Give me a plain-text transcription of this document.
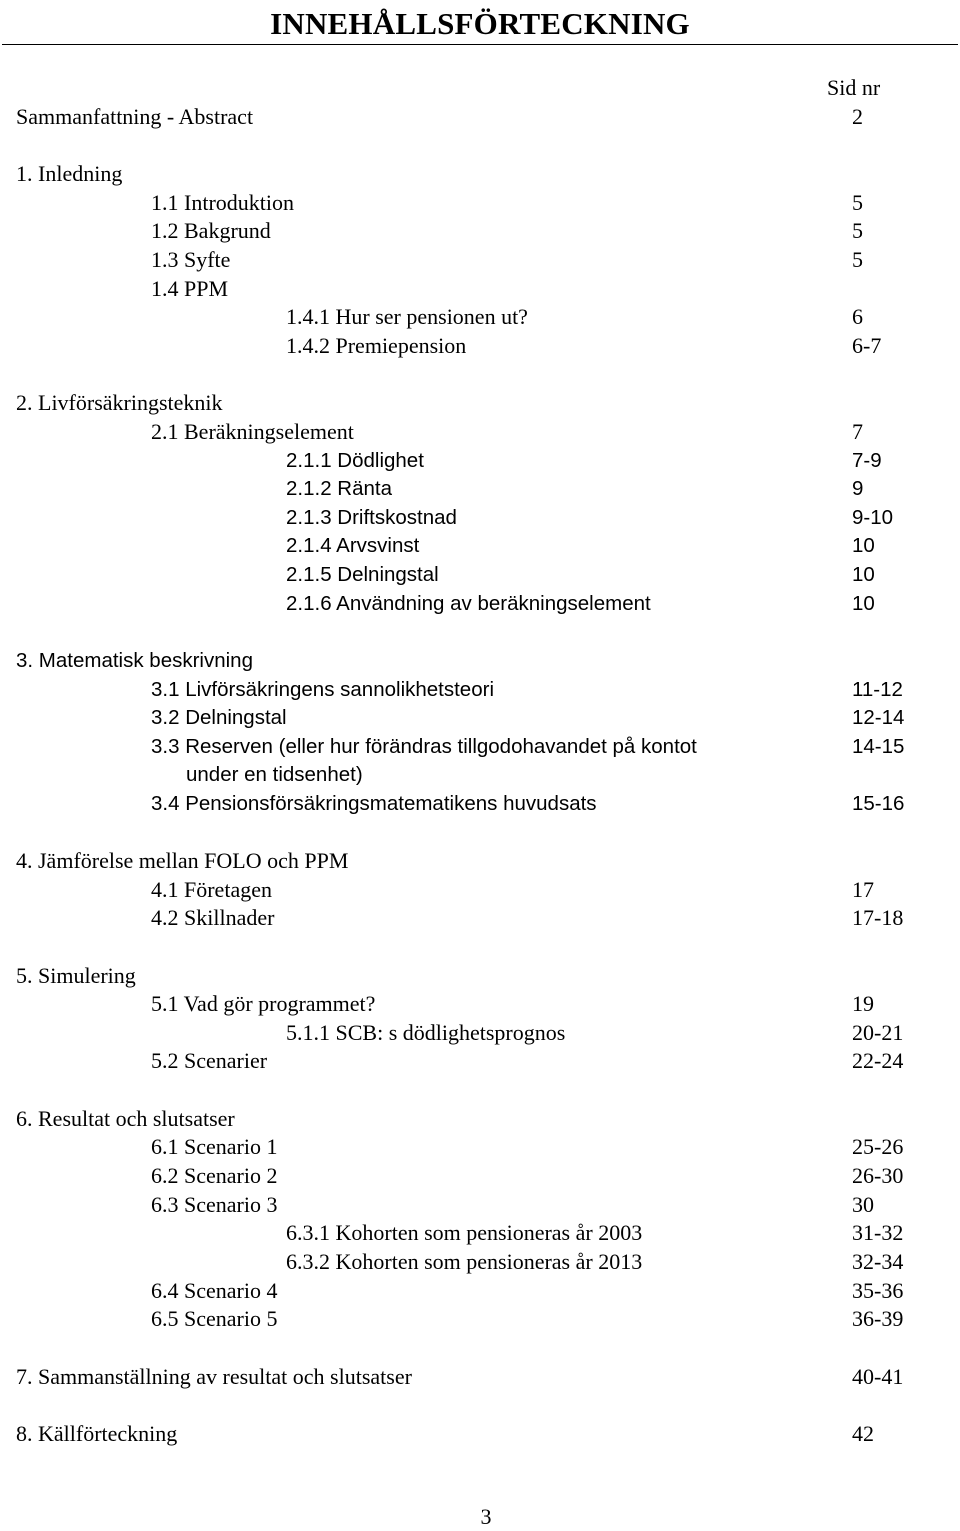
INNEHÅLLSFÖRTECKNING
Sid nr
Sammanfattning - Abstract	2
1. Inledning
1.1 Introduktion	5
1.2 Bakgrund	5
1.3 Syfte	5
1.4 PPM
1.4.1 Hur ser pensionen ut?	6
1.4.2 Premiepension	6-7
2. Livförsäkringsteknik
2.1 Beräkningselement	7
2.1.1 Dödlighet	7-9
2.1.2 Ränta	9
2.1.3 Driftskostnad	9-10
2.1.4 Arvsvinst	10
2.1.5 Delningstal	10
2.1.6 Användning av beräkningselement	10
3. Matematisk beskrivning
3.1 Livförsäkringens sannolikhetsteori	11-12
3.2 Delningstal	12-14
3.3 Reserven (eller hur förändras tillgodohavandet på kontot	14-15
under en tidsenhet)
3.4 Pensionsförsäkringsmatematikens huvudsats	15-16
4. Jämförelse mellan FOLO och PPM
4.1 Företagen	17
4.2 Skillnader	17-18
5. Simulering
5.1 Vad gör programmet?	19
5.1.1 SCB: s dödlighetsprognos	20-21
5.2 Scenarier	22-24
6. Resultat och slutsatser
6.1 Scenario 1	25-26
6.2 Scenario 2	26-30
6.3 Scenario 3	30
6.3.1 Kohorten som pensioneras år 2003	31-32
6.3.2 Kohorten som pensioneras år 2013	32-34
6.4 Scenario 4	35-36
6.5 Scenario 5	36-39
7. Sammanställning av resultat och slutsatser	40-41
8. Källförteckning	42
3
